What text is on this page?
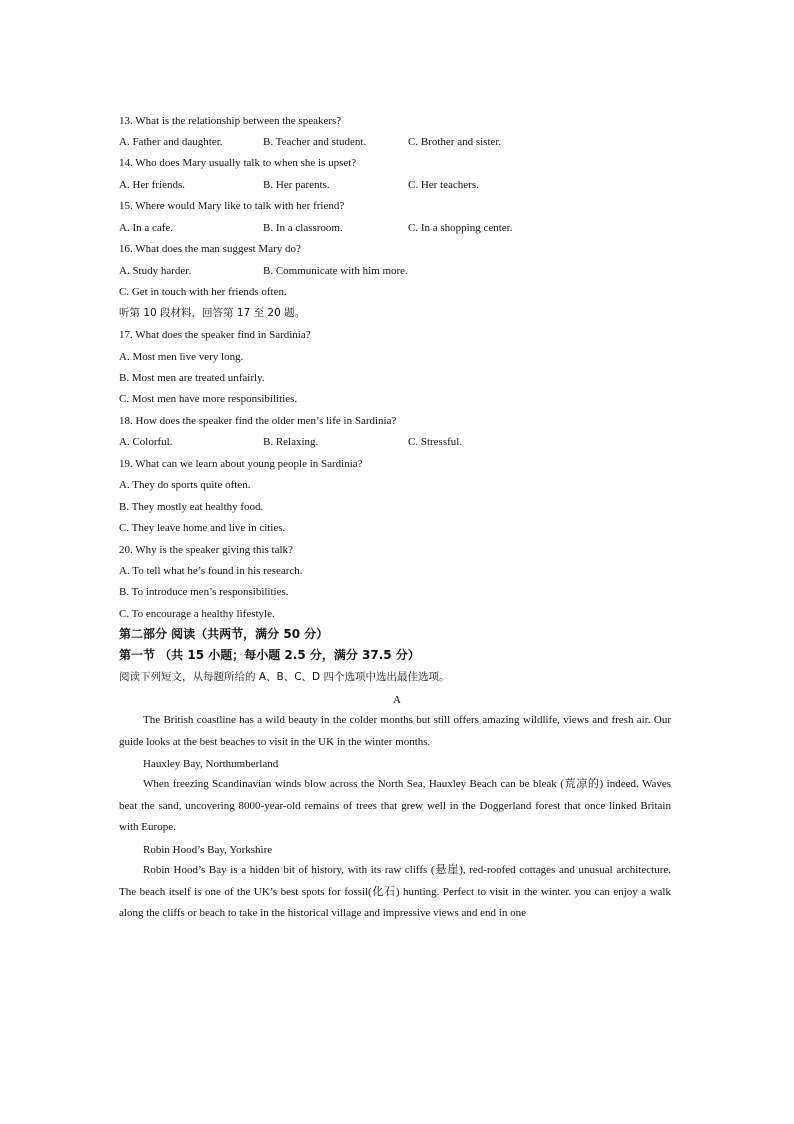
13. What is the relationship between the speakers?
A. Father and daughter.	B. Teacher and student.	C. Brother and sister.
14. Who does Mary usually talk to when she is upset?
A. Her friends.	B. Her parents.	C. Her teachers.
15. Where would Mary like to talk with her friend?
A. In a cafe.	B. In a classroom.	C. In a shopping center.
16. What does the man suggest Mary do?
A. Study harder.	B. Communicate with him more.
C. Get in touch with her friends often.
听第 10 段材料，回答第 17 至 20 题。
17. What does the speaker find in Sardinia?
A. Most men live very long.
B. Most men are treated unfairly.
C. Most men have more responsibilities.
18. How does the speaker find the older men’s life in Sardinia?
A. Colorful.	B. Relaxing.	C. Stressful.
19. What can we learn about young people in Sardinia?
A. They do sports quite often.
B. They mostly eat healthy food.
C. They leave home and live in cities.
20. Why is the speaker giving this talk?
A. To tell what he’s found in his research.
B. To introduce men’s responsibilities.
C. To encourage a healthy lifestyle.
第二部分 阅读（共两节，满分 50 分）
第一节 （共 15 小题；每小题 2.5 分，满分 37.5 分）
阅读下列短文，从每题所给的 A、B、C、D 四个选项中选出最佳选项。
A
The British coastline has a wild beauty in the colder months but still offers amazing wildlife, views and fresh air. Our guide looks at the best beaches to visit in the UK in the winter months.
Hauxley Bay, Northumberland
When freezing Scandinavian winds blow across the North Sea, Hauxley Beach can be bleak (荒凉的) indeed. Waves beat the sand, uncovering 8000-year-old remains of trees that grew well in the Doggerland forest that once linked Britain with Europe.
Robin Hood’s Bay, Yorkshire
Robin Hood’s Bay is a hidden bit of history, with its raw cliffs (悬崖), red-roofed cottages and unusual architecture. The beach itself is one of the UK’s best spots for fossil(化石) hunting. Perfect to visit in the winter. you can enjoy a walk along the cliffs or beach to take in the historical village and impressive views and end in one
